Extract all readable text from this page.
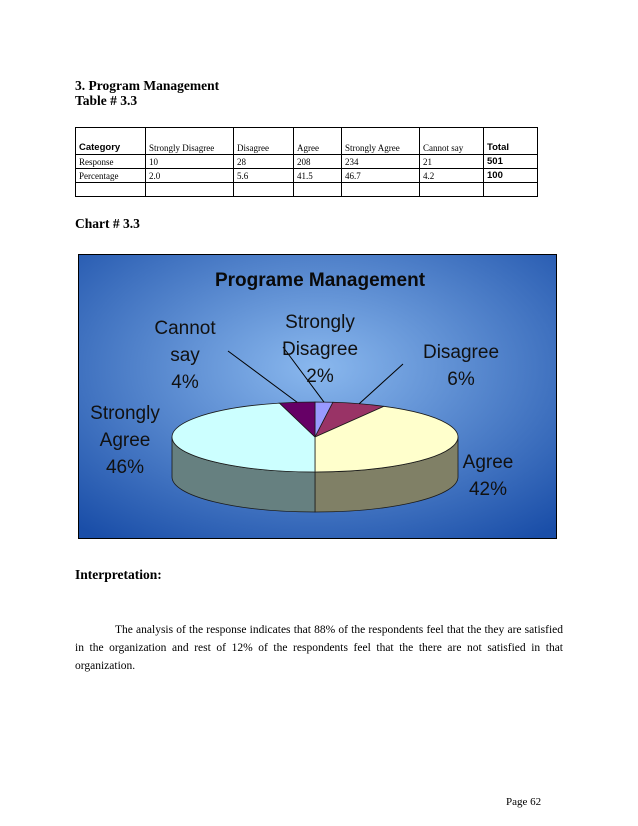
3. Program Management
Table # 3.3
Category	Strongly Disagree	Disagree	Agree	Strongly Agree	Cannot say	Total
Response	10	28	208	234	21	501
Percentage	2.0	5.6	41.5	46.7	4.2	100

Chart # 3.3
Programe Management
Strongly Disagree 2%
Disagree 6%
Agree 42%
Strongly Agree 46%
Cannot say 4%
Interpretation:
The analysis of the response indicates that 88% of the respondents feel that the they are satisfied in the organization and rest of 12% of the respondents feel that the there are not satisfied in that organization.
Page 62
